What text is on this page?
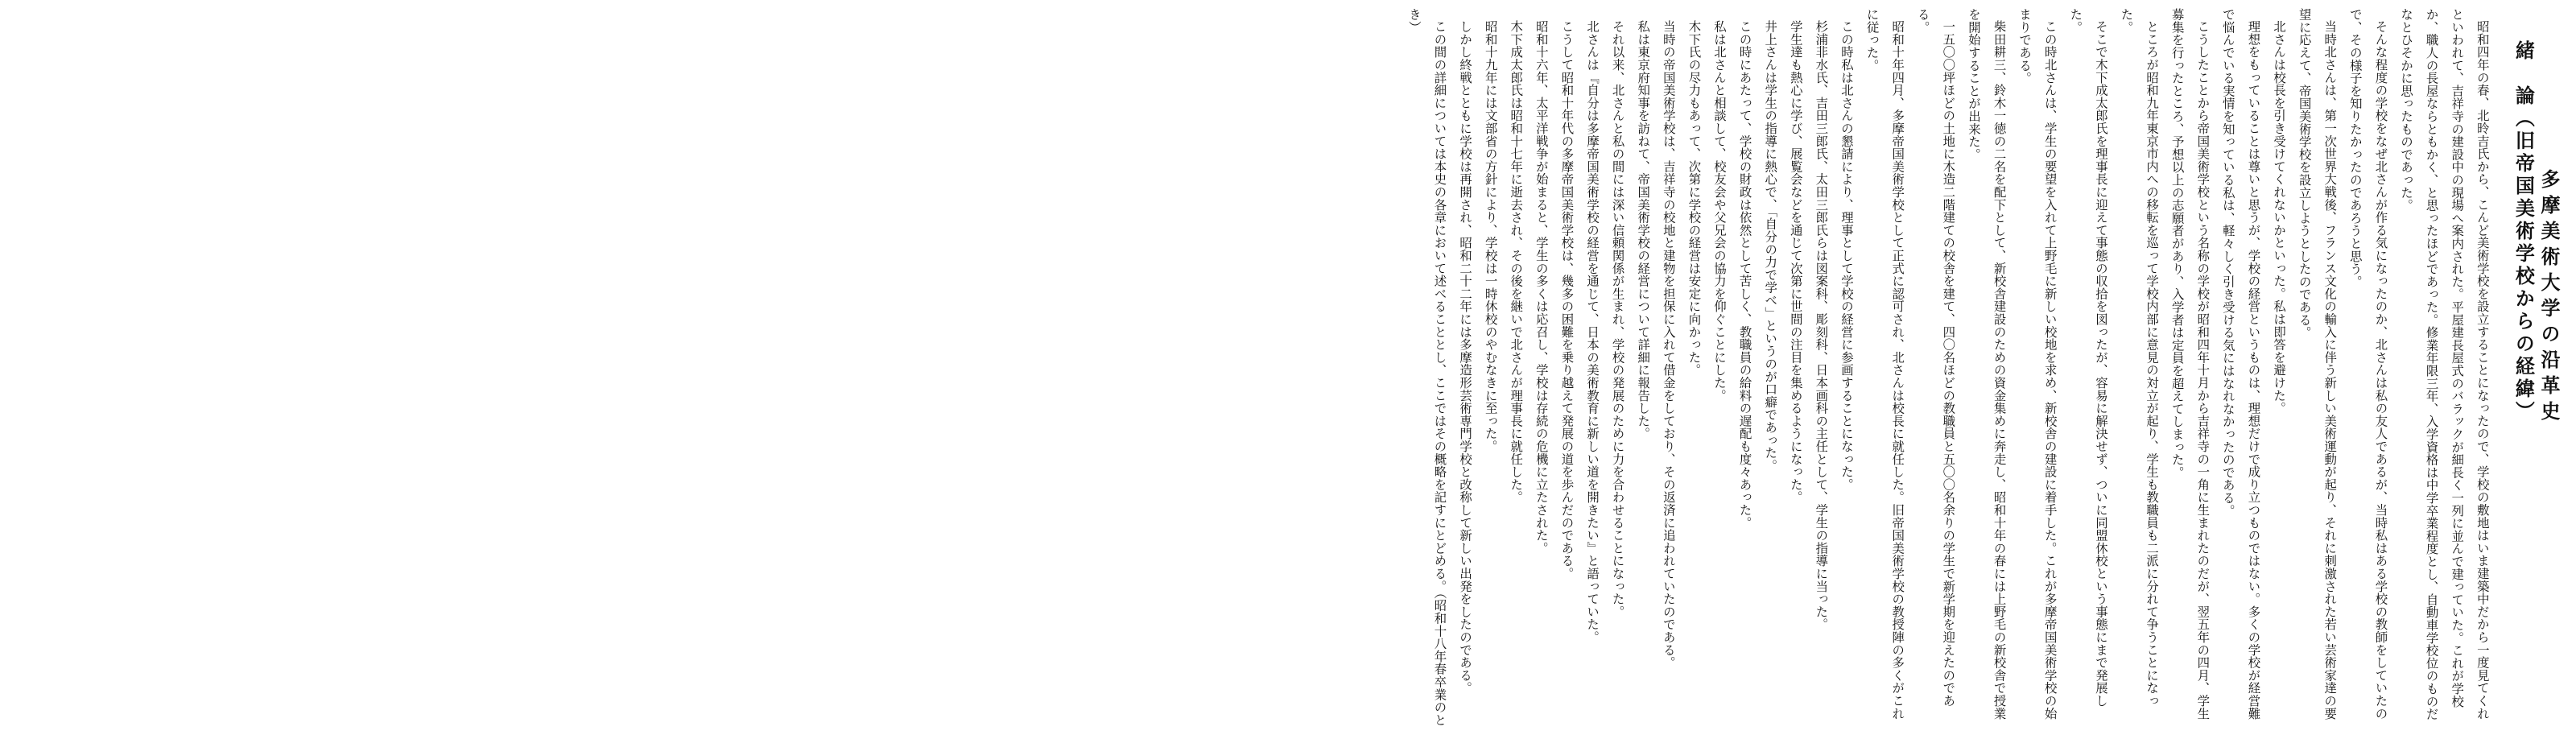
多摩美術大学の沿革史
緒　論（旧帝国美術学校からの経緯）

昭和四年の春、北昤吉氏から、こんど美術学校を設立することになったので、学校の敷地はいま建築中だから一度見てくれといわれて、吉祥寺の建設中の現場へ案内された。平屋建長屋式のバラックが細長く一列に並んで建っていた。これが学校か、職人の長屋ならともかく、と思ったほどであった。修業年限三年、入学資格は中学卒業程度とし、自動車学校位のものだなとひそかに思ったものであった。

そんな程度の学校をなぜ北さんが作る気になったのか、北さんは私の友人であるが、当時私はある学校の教師をしていたので、その様子を知りたかったのであろうと思う。

当時北さんは、第一次世界大戦後、フランス文化の輸入に伴う新しい美術運動が起り、それに刺激された若い芸術家達の要望に応えて、帝国美術学校を設立しようとしたのである。

北さんは校長を引き受けてくれないかといった。私は即答を避けた。

理想をもっていることは尊いと思うが、学校の経営というものは、理想だけで成り立つものではない。多くの学校が経営難で悩んでいる実情を知っている私は、軽々しく引き受ける気にはなれなかったのである。

こうしたことから帝国美術学校という名称の学校が昭和四年十月から吉祥寺の一角に生まれたのだが、翌五年の四月、学生募集を行ったところ、予想以上の志願者があり、入学者は定員を超えてしまった。

ところが昭和九年東京市内への移転を巡って学校内部に意見の対立が起り、学生も教職員も二派に分れて争うことになった。

そこで木下成太郎氏を理事長に迎えて事態の収拾を図ったが、容易に解決せず、ついに同盟休校という事態にまで発展した。

この時北さんは、学生の要望を入れて上野毛に新しい校地を求め、新校舎の建設に着手した。これが多摩帝国美術学校の始まりである。

柴田耕三、鈴木一徳の二名を配下として、新校舎建設のための資金集めに奔走し、昭和十年の春には上野毛の新校舎で授業を開始することが出来た。

一五〇〇坪ほどの土地に木造二階建ての校舎を建て、四〇名ほどの教職員と五〇〇名余りの学生で新学期を迎えたのである。

昭和十年四月、多摩帝国美術学校として正式に認可され、北さんは校長に就任した。旧帝国美術学校の教授陣の多くがこれに従った。

この時私は北さんの懇請により、理事として学校の経営に参画することになった。

杉浦非水氏、吉田三郎氏、太田三郎氏らは図案科、彫刻科、日本画科の主任として、学生の指導に当った。

学生達も熱心に学び、展覧会などを通じて次第に世間の注目を集めるようになった。

井上さんは学生の指導に熱心で、「自分の力で学べ」というのが口癖であった。

この時にあたって、学校の財政は依然として苦しく、教職員の給料の遅配も度々あった。

私は北さんと相談して、校友会や父兄会の協力を仰ぐことにした。

木下氏の尽力もあって、次第に学校の経営は安定に向かった。

当時の帝国美術学校は、吉祥寺の校地と建物を担保に入れて借金をしており、その返済に追われていたのである。

私は東京府知事を訪ねて、帝国美術学校の経営について詳細に報告した。

それ以来、北さんと私の間には深い信頼関係が生まれ、学校の発展のために力を合わせることになった。

北さんは『自分は多摩帝国美術学校の経営を通じて、日本の美術教育に新しい道を開きたい』と語っていた。

こうして昭和十年代の多摩帝国美術学校は、幾多の困難を乗り越えて発展の道を歩んだのである。

昭和十六年、太平洋戦争が始まると、学生の多くは応召し、学校は存続の危機に立たされた。

木下成太郎氏は昭和十七年に逝去され、その後を継いで北さんが理事長に就任した。

昭和十九年には文部省の方針により、学校は一時休校のやむなきに至った。

しかし終戦とともに学校は再開され、昭和二十二年には多摩造形芸術専門学校と改称して新しい出発をしたのである。

この間の詳細については本史の各章において述べることとし、ここではその概略を記すにとどめる。（昭和十八年春卒業のとき）
